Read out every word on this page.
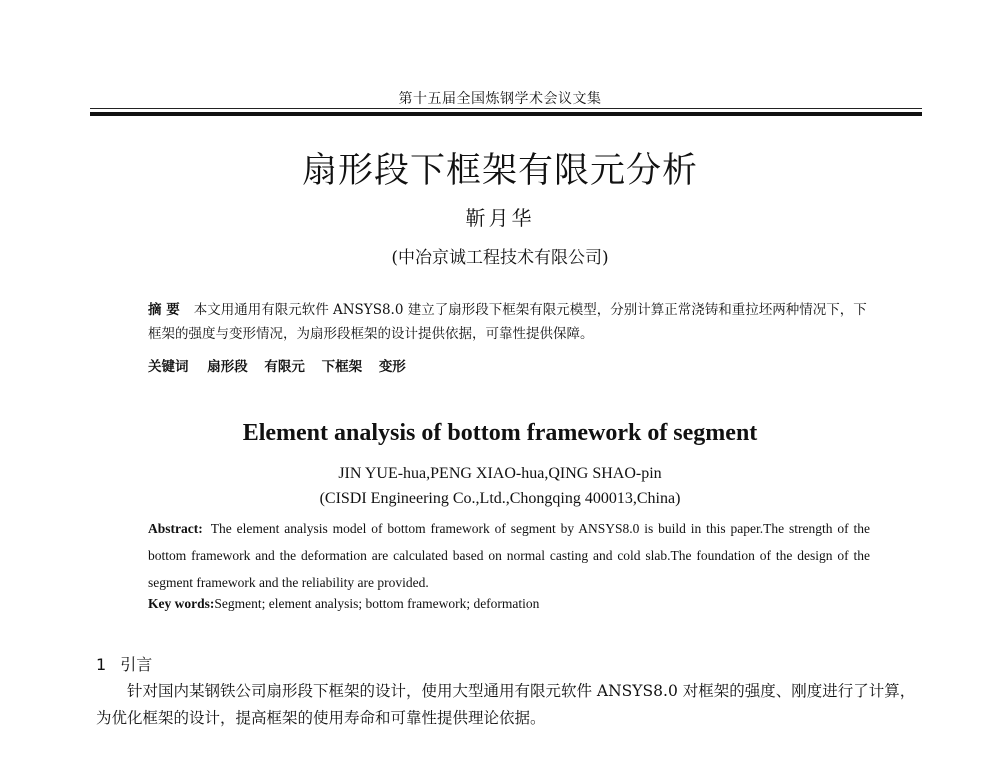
第十五届全国炼钢学术会议文集
扇形段下框架有限元分析
靳月华
(中冶京诚工程技术有限公司)
摘 要 本文用通用有限元软件 ANSYS8.0 建立了扇形段下框架有限元模型，分别计算正常浇铸和重拉坯两种情况下，下框架的强度与变形情况，为扇形段框架的设计提供依据，可靠性提供保障。
关键词 扇形段 有限元 下框架 变形
Element analysis of bottom framework of segment
JIN YUE-hua,PENG XIAO-hua,QING SHAO-pin
(CISDI Engineering Co.,Ltd.,Chongqing 400013,China)
Abstract: The element analysis model of bottom framework of segment by ANSYS8.0 is build in this paper.The strength of the bottom framework and the deformation are calculated based on normal casting and cold slab.The foundation of the design of the segment framework and the reliability are provided.
Key words:Segment; element analysis; bottom framework; deformation
1 引言
针对国内某钢铁公司扇形段下框架的设计，使用大型通用有限元软件 ANSYS8.0 对框架的强度、刚度进行了计算，为优化框架的设计，提高框架的使用寿命和可靠性提供理论依据。
